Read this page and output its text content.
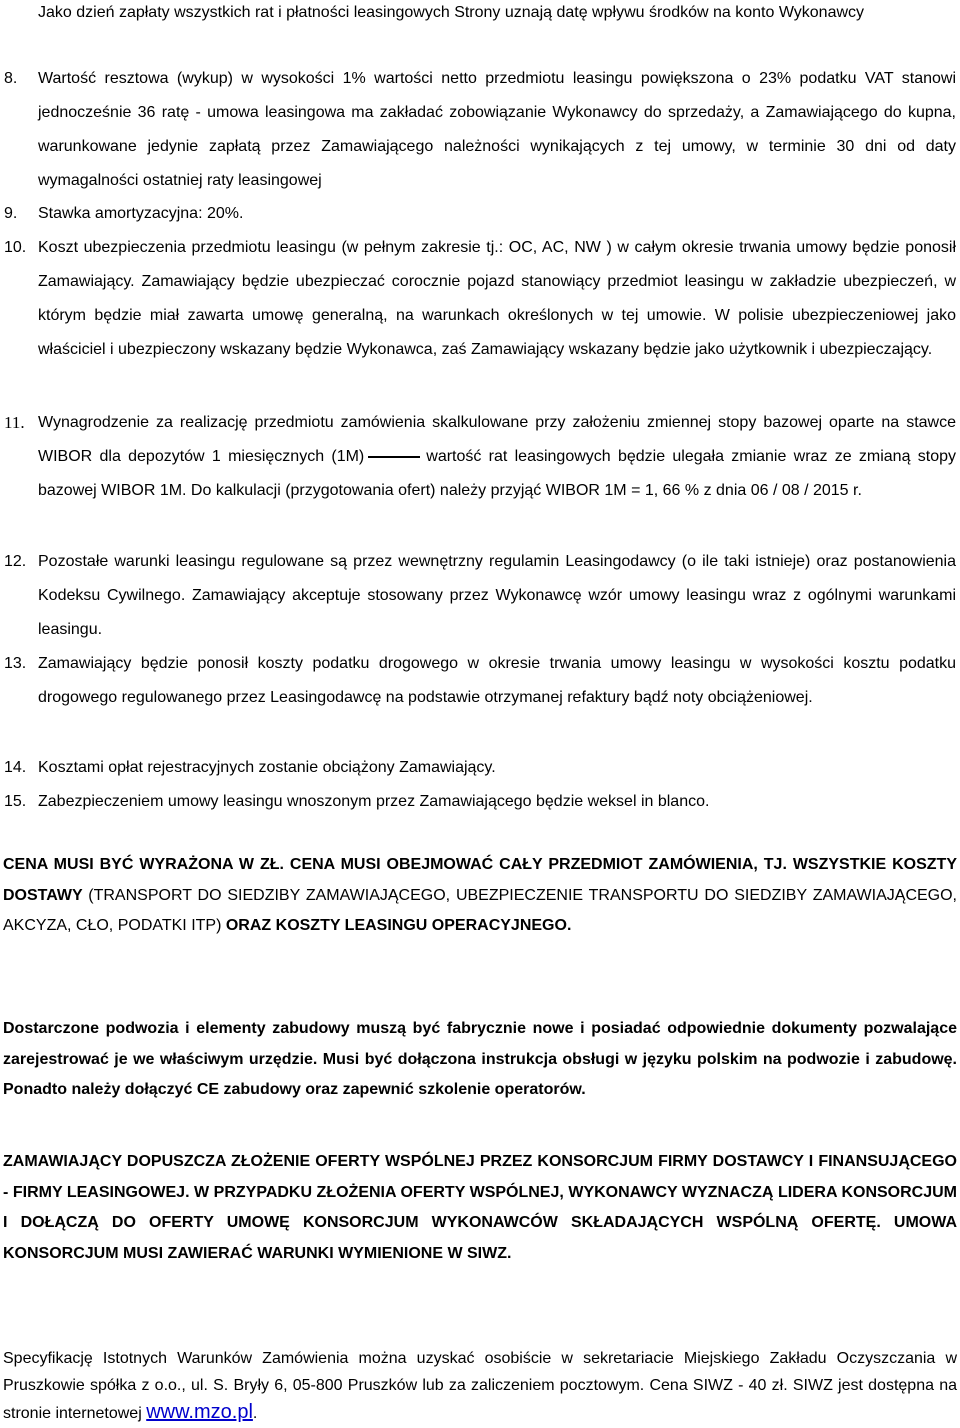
Jako dzień zapłaty wszystkich rat i płatności leasingowych Strony uznają datę wpływu środków na konto Wykonawcy
8.	Wartość resztowa (wykup) w wysokości 1% wartości netto przedmiotu leasingu powiększona o 23% podatku VAT stanowi jednocześnie 36 ratę - umowa leasingowa ma zakładać zobowiązanie Wykonawcy do sprzedaży, a Zamawiającego do kupna, warunkowane jedynie zapłatą przez Zamawiającego należności wynikających z tej umowy, w terminie 30 dni od daty wymagalności ostatniej raty leasingowej
9.	Stawka amortyzacyjna: 20%.
10. Koszt ubezpieczenia przedmiotu leasingu (w pełnym zakresie tj.: OC, AC, NW ) w całym okresie trwania umowy będzie ponosił Zamawiający. Zamawiający będzie ubezpieczać corocznie pojazd stanowiący przedmiot leasingu w zakładzie ubezpieczeń, w którym będzie miał zawarta umowę generalną, na warunkach określonych w tej umowie. W polisie ubezpieczeniowej jako właściciel i ubezpieczony wskazany będzie Wykonawca, zaś Zamawiający wskazany będzie jako użytkownik i ubezpieczający.
11. Wynagrodzenie za realizację przedmiotu zamówienia skalkulowane przy założeniu zmiennej stopy bazowej oparte na stawce WIBOR dla depozytów 1 miesięcznych (1M)	wartość rat leasingowych będzie ulegała zmianie wraz ze zmianą stopy bazowej WIBOR 1M. Do kalkulacji (przygotowania ofert) należy przyjąć WIBOR 1M = 1, 66 % z dnia 06 / 08 / 2015 r.
12. Pozostałe warunki leasingu regulowane są przez wewnętrzny regulamin Leasingodawcy (o ile taki istnieje) oraz postanowienia Kodeksu Cywilnego. Zamawiający akceptuje stosowany przez Wykonawcę wzór umowy leasingu wraz z ogólnymi warunkami leasingu.
13. Zamawiający będzie ponosił koszty podatku drogowego w okresie trwania umowy leasingu w wysokości kosztu podatku drogowego regulowanego przez Leasingodawcę na podstawie otrzymanej refaktury bądź noty obciążeniowej.
14. Kosztami opłat rejestracyjnych zostanie obciążony Zamawiający.
15. Zabezpieczeniem umowy leasingu wnoszonym przez Zamawiającego będzie weksel in blanco.
CENA MUSI BYĆ WYRAŻONA W ZŁ. CENA MUSI OBEJMOWAĆ CAŁY PRZEDMIOT ZAMÓWIENIA, TJ. WSZYSTKIE KOSZTY DOSTAWY (TRANSPORT DO SIEDZIBY ZAMAWIAJĄCEGO, UBEZPIECZENIE TRANSPORTU DO SIEDZIBY ZAMAWIAJĄCEGO, AKCYZA, CŁO, PODATKI ITP) ORAZ KOSZTY LEASINGU OPERACYJNEGO.
Dostarczone podwozia i elementy zabudowy muszą być fabrycznie nowe i posiadać odpowiednie dokumenty pozwalające zarejestrować je we właściwym urzędzie. Musi być dołączona instrukcja obsługi w języku polskim na podwozie i zabudowę. Ponadto należy dołączyć CE zabudowy oraz zapewnić szkolenie operatorów.
ZAMAWIAJĄCY DOPUSZCZA ZŁOŻENIE OFERTY WSPÓLNEJ PRZEZ KONSORCJUM FIRMY DOSTAWCY I FINANSUJĄCEGO - FIRMY LEASINGOWEJ. W PRZYPADKU ZŁOŻENIA OFERTY WSPÓLNEJ, WYKONAWCY WYZNACZĄ LIDERA KONSORCJUM I DOŁĄCZĄ DO OFERTY UMOWĘ KONSORCJUM WYKONAWCÓW SKŁADAJĄCYCH WSPÓLNĄ OFERTĘ. UMOWA KONSORCJUM MUSI ZAWIERAĆ WARUNKI WYMIENIONE W SIWZ.
Specyfikację Istotnych Warunków Zamówienia można uzyskać osobiście w sekretariacie Miejskiego Zakładu Oczyszczania w Pruszkowie spółka z o.o., ul. S. Bryły 6, 05-800 Pruszków lub za zaliczeniem pocztowym. Cena SIWZ - 40 zł. SIWZ jest dostępna na stronie internetowej www.mzo.pl.
